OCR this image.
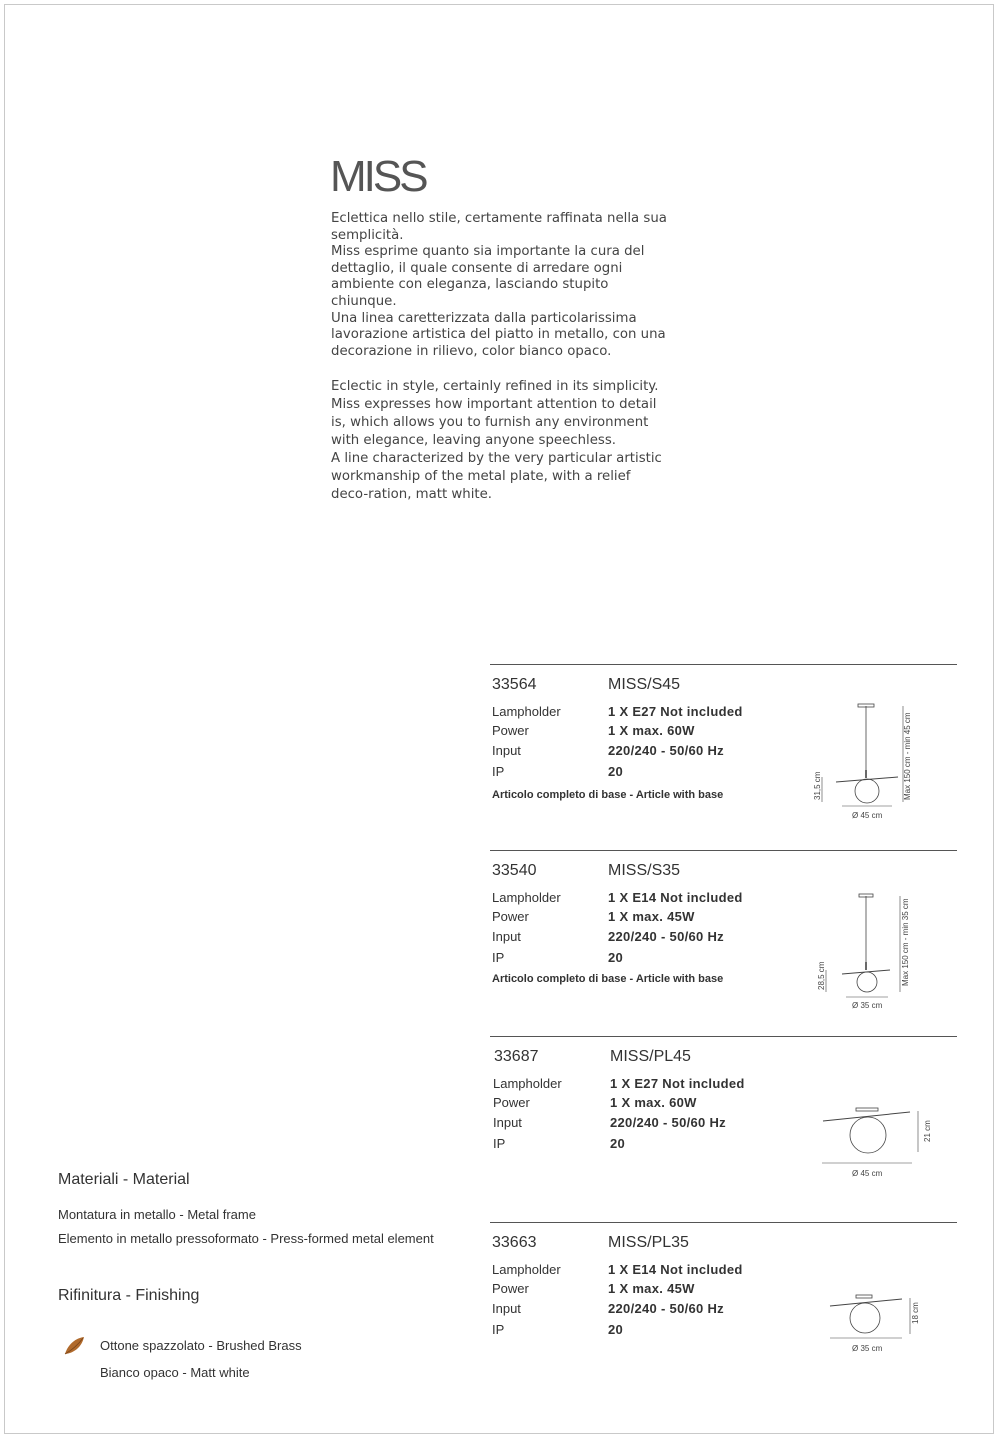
MISS

Eclettica nello stile, certamente raffinata nella sua semplicità.

Miss esprime quanto sia importante la cura del dettaglio, il quale consente di arredare ogni ambiente con eleganza, lasciando stupito chiunque.

Una linea caretterizzata dalla particolarissima lavorazione artistica del piatto in metallo, con una decorazione in rilievo, color bianco opaco.

Eclectic in style, certainly refined in its simplicity.

Miss expresses how important attention to detail is, which allows you to furnish any environment with elegance, leaving anyone speechless.

A line characterized by the very particular artistic workmanship of the metal plate, with a relief deco-ration, matt white.

33564	MISS/S45
Lampholder	1 X E27 Not included
Power	1 X max. 60W
Input	220/240 - 50/60 Hz
IP	20
Articolo completo di base - Article with base	31,5 cm	Max 150 cm - min 45 cm
Ø 45 cm
33540	MISS/S35
Lampholder	1 X E14 Not included
Power	1 X max. 45W
Input	220/240 - 50/60 Hz
IP	20
Articolo completo di base - Article with base	28,5 cm	Max 150 cm - min 35 cm
Ø 35 cm
33687	MISS/PL45
Lampholder	1 X E27 Not included
Power	1 X max. 60W
Input	220/240 - 50/60 Hz
IP	20
21 cm
Ø 45 cm
33663	MISS/PL35
Lampholder	1 X E14 Not included
Power	1 X max. 45W
Input	220/240 - 50/60 Hz
IP	20
18 cm
Ø 35 cm
Materiali - Material
Montatura in metallo - Metal frame
Elemento in metallo pressoformato - Press-formed metal element
Rifinitura - Finishing
Ottone spazzolato - Brushed Brass
Bianco opaco - Matt white
